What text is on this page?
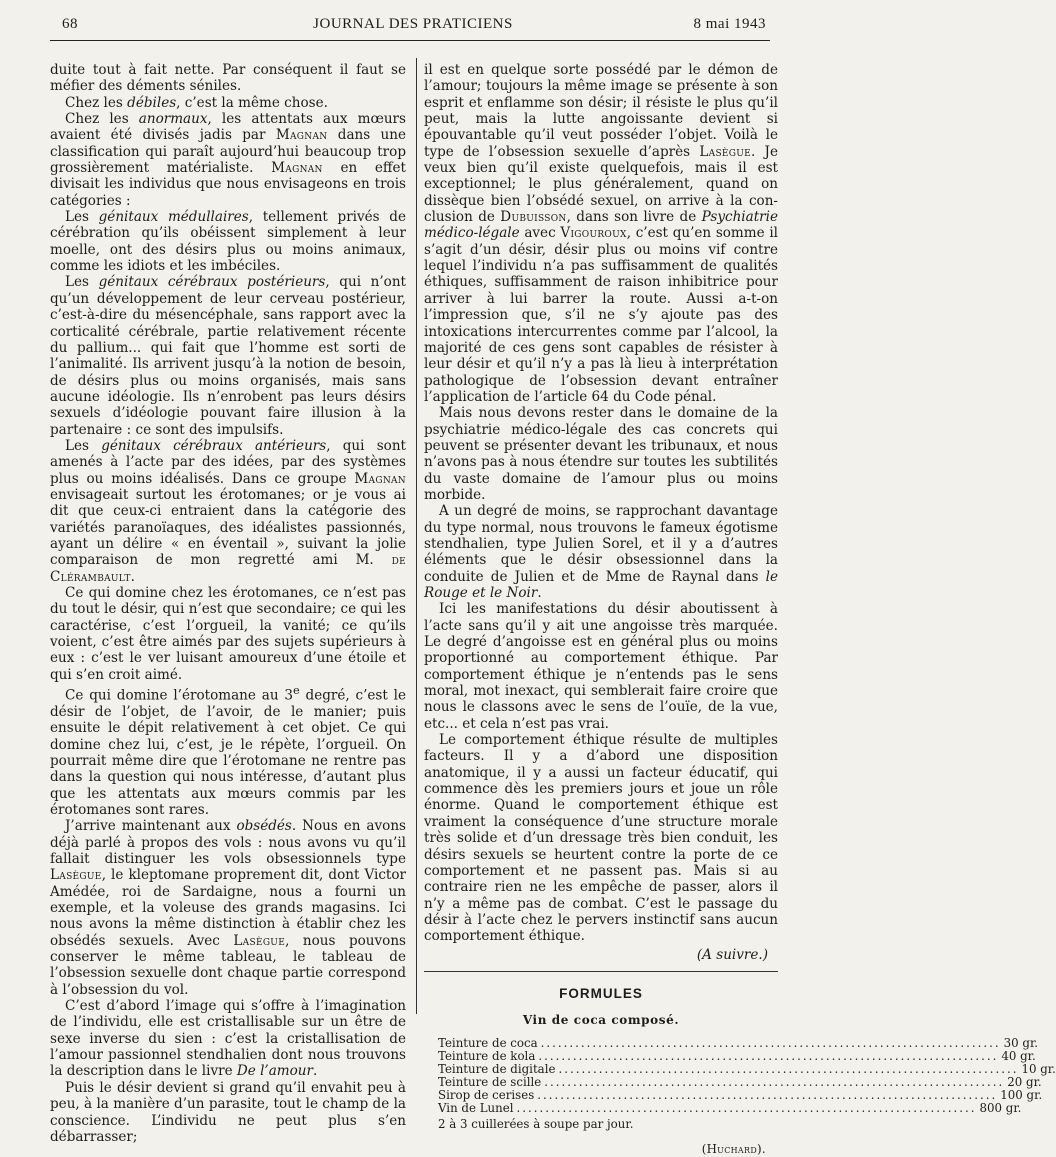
68	JOURNAL DES PRATICIENS	8 mai 1943

duite tout à fait nette. Par conséquent il faut se méfier des déments séniles.

Chez les débiles, c’est la même chose.

Chez les anormaux, les attentats aux mœurs avaient été divisés jadis par Magnan dans une classification qui paraît aujourd’hui beaucoup trop grossièrement matérialiste. Magnan en effet divisait les individus que nous envisageons en trois catégories :

Les génitaux médullaires, tellement privés de cérébration qu’ils obéissent simplement à leur moelle, ont des désirs plus ou moins animaux, comme les idiots et les imbéciles.

Les génitaux cérébraux postérieurs, qui n’ont qu’un développement de leur cerveau postérieur, c’est-à-dire du mésencéphale, sans rapport avec la corticalité cérébrale, partie relativement récente du pallium... qui fait que l’homme est sorti de l’animalité. Ils arrivent jusqu’à la notion de besoin, de désirs plus ou moins organisés, mais sans aucune idéologie. Ils n’enrobent pas leurs désirs sexuels d’idéologie pouvant faire illusion à la partenaire : ce sont des impulsifs.

Les génitaux cérébraux antérieurs, qui sont amenés à l’acte par des idées, par des systèmes plus ou moins idéalisés. Dans ce groupe Magnan envisageait surtout les érotomanes; or je vous ai dit que ceux-ci entraient dans la catégorie des variétés paranoïaques, des idéalistes passionnés, ayant un délire « en éventail », suivant la jolie comparaison de mon regretté ami M. de Clérambault.

Ce qui domine chez les érotomanes, ce n’est pas du tout le désir, qui n’est que secondaire; ce qui les caractérise, c’est l’orgueil, la vanité; ce qu’ils voient, c’est être aimés par des sujets supérieurs à eux : c’est le ver luisant amoureux d’une étoile et qui s’en croit aimé.

Ce qui domine l’érotomane au 3e degré, c’est le désir de l’objet, de l’avoir, de le manier; puis ensuite le dépit relativement à cet objet. Ce qui domine chez lui, c’est, je le répète, l’orgueil. On pourrait même dire que l’érotomane ne rentre pas dans la question qui nous intéresse, d’autant plus que les attentats aux mœurs commis par les érotomanes sont rares.

J’arrive maintenant aux obsédés. Nous en avons déjà parlé à propos des vols : nous avons vu qu’il fallait distinguer les vols obsessionnels type Lasègue, le kleptomane proprement dit, dont Victor Amédée, roi de Sardaigne, nous a fourni un exemple, et la voleuse des grands magasins. Ici nous avons la même distinction à établir chez les obsédés sexuels. Avec Lasègue, nous pouvons conserver le même tableau, le tableau de l’obsession sexuelle dont chaque partie correspond à l’obsession du vol.

C’est d’abord l’image qui s’offre à l’imagination de l’individu, elle est cristallisable sur un être de sexe inverse du sien : c’est la cristallisation de l’amour passionnel stendhalien dont nous trouvons la description dans le livre De l’amour.

Puis le désir devient si grand qu’il envahit peu à peu, à la manière d’un parasite, tout le champ de la conscience. L’individu ne peut plus s’en débarrasser;

il est en quelque sorte possédé par le démon de l’amour; toujours la même image se présente à son esprit et enflamme son désir; il résiste le plus qu’il peut, mais la lutte angoissante devient si épouvantable qu’il veut posséder l’objet. Voilà le type de l’obsession sexuelle d’après Lasègue. Je veux bien qu’il existe quelquefois, mais il est exceptionnel; le plus généralement, quand on dissèque bien l’obsédé sexuel, on arrive à la conclusion de Dubuisson, dans son livre de Psychiatrie médico-légale avec Vigouroux, c’est qu’en somme il s’agit d’un désir, désir plus ou moins vif contre lequel l’individu n’a pas suffisamment de qualités éthiques, suffisamment de raison inhibitrice pour arriver à lui barrer la route. Aussi a-t-on l’impression que, s’il ne s’y ajoute pas des intoxications intercurrentes comme par l’alcool, la majorité de ces gens sont capables de résister à leur désir et qu’il n’y a pas là lieu à interprétation pathologique de l’obsession devant entraîner l’application de l’article 64 du Code pénal.

Mais nous devons rester dans le domaine de la psychiatrie médico-légale des cas concrets qui peuvent se présenter devant les tribunaux, et nous n’avons pas à nous étendre sur toutes les subtilités du vaste domaine de l’amour plus ou moins morbide.

A un degré de moins, se rapprochant davantage du type normal, nous trouvons le fameux égotisme stendhalien, type Julien Sorel, et il y a d’autres éléments que le désir obsessionnel dans la conduite de Julien et de Mme de Raynal dans le Rouge et le Noir.

Ici les manifestations du désir aboutissent à l’acte sans qu’il y ait une angoisse très marquée. Le degré d’angoisse est en général plus ou moins proportionné au comportement éthique. Par comportement éthique je n’entends pas le sens moral, mot inexact, qui semblerait faire croire que nous le classons avec le sens de l’ouïe, de la vue, etc... et cela n’est pas vrai.

Le comportement éthique résulte de multiples facteurs. Il y a d’abord une disposition anatomique, il y a aussi un facteur éducatif, qui commence dès les premiers jours et joue un rôle énorme. Quand le comportement éthique est vraiment la conséquence d’une structure morale très solide et d’un dressage très bien conduit, les désirs sexuels se heurtent contre la porte de ce comportement et ne passent pas. Mais si au contraire rien ne les empêche de passer, alors il n’y a même pas de combat. C’est le passage du désir à l’acte chez le pervers instinctif sans aucun comportement éthique.

(A suivre.)

FORMULES
Vin de coca composé.
Teinture de coca ................................................................................ 30 gr.
Teinture de kola ................................................................................ 40 gr.
Teinture de digitale ................................................................................ 10 gr.
Teinture de scille ................................................................................ 20 gr.
Sirop de cerises ................................................................................ 100 gr.
Vin de Lunel ................................................................................ 800 gr.
2 à 3 cuillerées à soupe par jour.
(Huchard).
